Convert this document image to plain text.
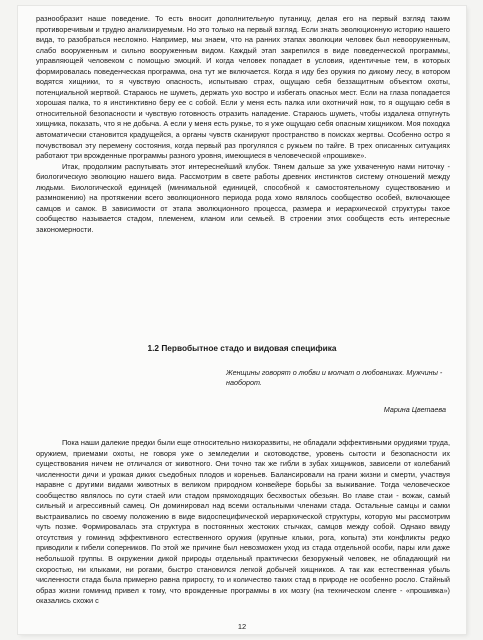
разнообразит наше поведение. То есть вносит дополнительную путаницу, делая его на первый взгляд таким противоречивым и трудно анализируемым. Но это только на первый взгляд. Если знать эволюционную историю нашего вида, то разобраться несложно. Например, мы знаем, что на ранних этапах эволюции человек был невооруженным, слабо вооруженным и сильно вооруженным видом. Каждый этап закрепился в виде поведенческой программы, управляющей человеком с помощью эмоций. И когда человек попадает в условия, идентичные тем, в которых формировалась поведенческая программа, она тут же включается. Когда я иду без оружия по дикому лесу, в котором водятся хищники, то я чувствую опасность, испытываю страх, ощущаю себя беззащитным объектом охоты, потенциальной жертвой. Стараюсь не шуметь, держать ухо востро и избегать опасных мест. Если на глаза попадается хорошая палка, то я инстинктивно беру ее с собой. Если у меня есть палка или охотничий нож, то я ощущаю себя в относительной безопасности и чувствую готовность отразить нападение. Стараюсь шуметь, чтобы издалека отпугнуть хищника, показать, что я не добыча. А если у меня есть ружье, то я уже ощущаю себя опасным хищником. Моя походка автоматически становится крадущейся, а органы чувств сканируют пространство в поисках жертвы. Особенно остро я почувствовал эту перемену состояния, когда первый раз прогулялся с ружьем по тайге. В трех описанных ситуациях работают три врожденные программы разного уровня, имеющиеся в человеческой «прошивке».

Итак, продолжим распутывать этот интереснейший клубок. Тянем дальше за уже ухваченную нами ниточку - биологическую эволюцию нашего вида. Рассмотрим в свете работы древних инстинктов систему отношений между людьми. Биологической единицей (минимальной единицей, способной к самостоятельному существованию и размножению) на протяжении всего эволюционного периода рода хомо являлось сообщество особей, включающее самцов и самок. В зависимости от этапа эволюционного процесса, размера и иерархической структуры такое сообщество называется стадом, племенем, кланом или семьей. В строении этих сообществ есть интересные закономерности.

1.2 Первобытное стадо и видовая специфика
Женщины говорят о любви и молчат о любовниках. Мужчины - наоборот.
Марина Цветаева

Пока наши далекие предки были еще относительно низкоразвиты, не обладали эффективными орудиями труда, оружием, приемами охоты, не говоря уже о земледелии и скотоводстве, уровень сытости и безопасности их существования ничем не отличался от животного. Они точно так же гибли в зубах хищников, зависели от колебаний численности дичи и урожая диких съедобных плодов и кореньев. Балансировали на грани жизни и смерти, участвуя наравне с другими видами животных в великом природном конвейере борьбы за выживание. Тогда человеческое сообщество являлось по сути стаей или стадом прямоходящих бесхвостых обезьян. Во главе стаи - вожак, самый сильный и агрессивный самец. Он доминировал над всеми остальными членами стада. Остальные самцы и самки выстраивались по своему положению в виде видоспецифической иерархической структуры, которую мы рассмотрим чуть позже. Формировалась эта структура в постоянных жестоких стычках, самцов между собой. Однако ввиду отсутствия у гоминид эффективного естественного оружия (крупные клыки, рога, копыта) эти конфликты редко приводили к гибели соперников. По этой же причине был невозможен уход из стада отдельной особи, пары или даже небольшой группы. В окружении дикой природы отдельный практически безоружный человек, не обладающий ни скоростью, ни клыками, ни рогами, быстро становился легкой добычей хищников. А так как естественная убыль численности стада была примерно равна приросту, то и количество таких стад в природе не особенно росло. Стайный образ жизни гоминид привел к тому, что врожденные программы в их мозгу (на техническом сленге - «прошивка») оказались схожи с

12
